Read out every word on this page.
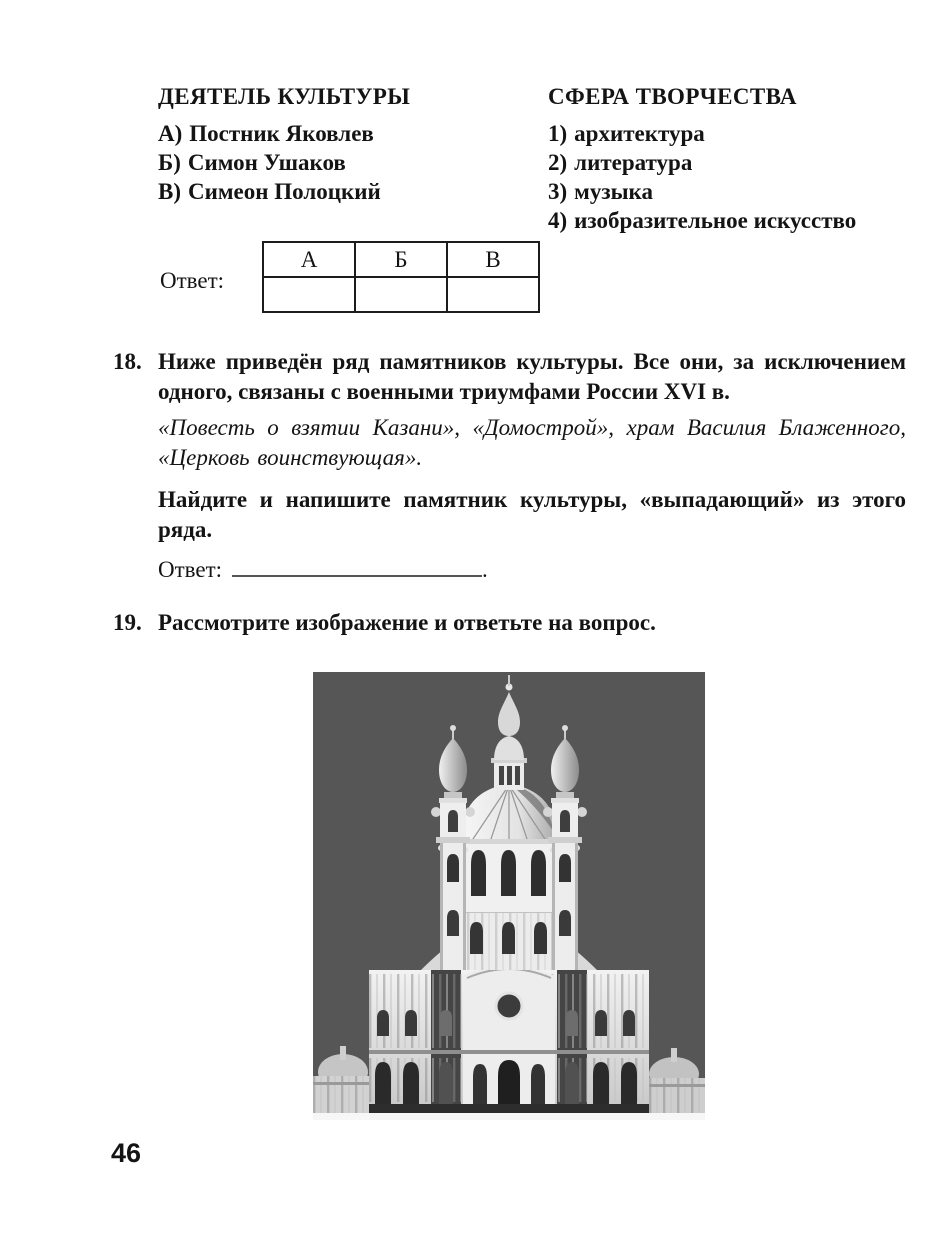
ДЕЯТЕЛЬ КУЛЬТУРЫ
А) Постник Яковлев
Б) Симон Ушаков
В) Симеон Полоцкий
СФЕРА ТВОРЧЕСТВА
1) архитектура
2) литература
3) музыка
4) изобразительное искусство
Ответ:
А	Б	В

18. Ниже приведён ряд памятников культуры. Все они, за исключением одного, связаны с военными триумфами России XVI в.

«Повесть о взятии Казани», «Домострой», храм Василия Блаженного, «Церковь воинствующая».

Найдите и напишите памятник культуры, «выпадающий» из этого ряда.

Ответ:	.

19. Рассмотрите изображение и ответьте на вопрос.

46
